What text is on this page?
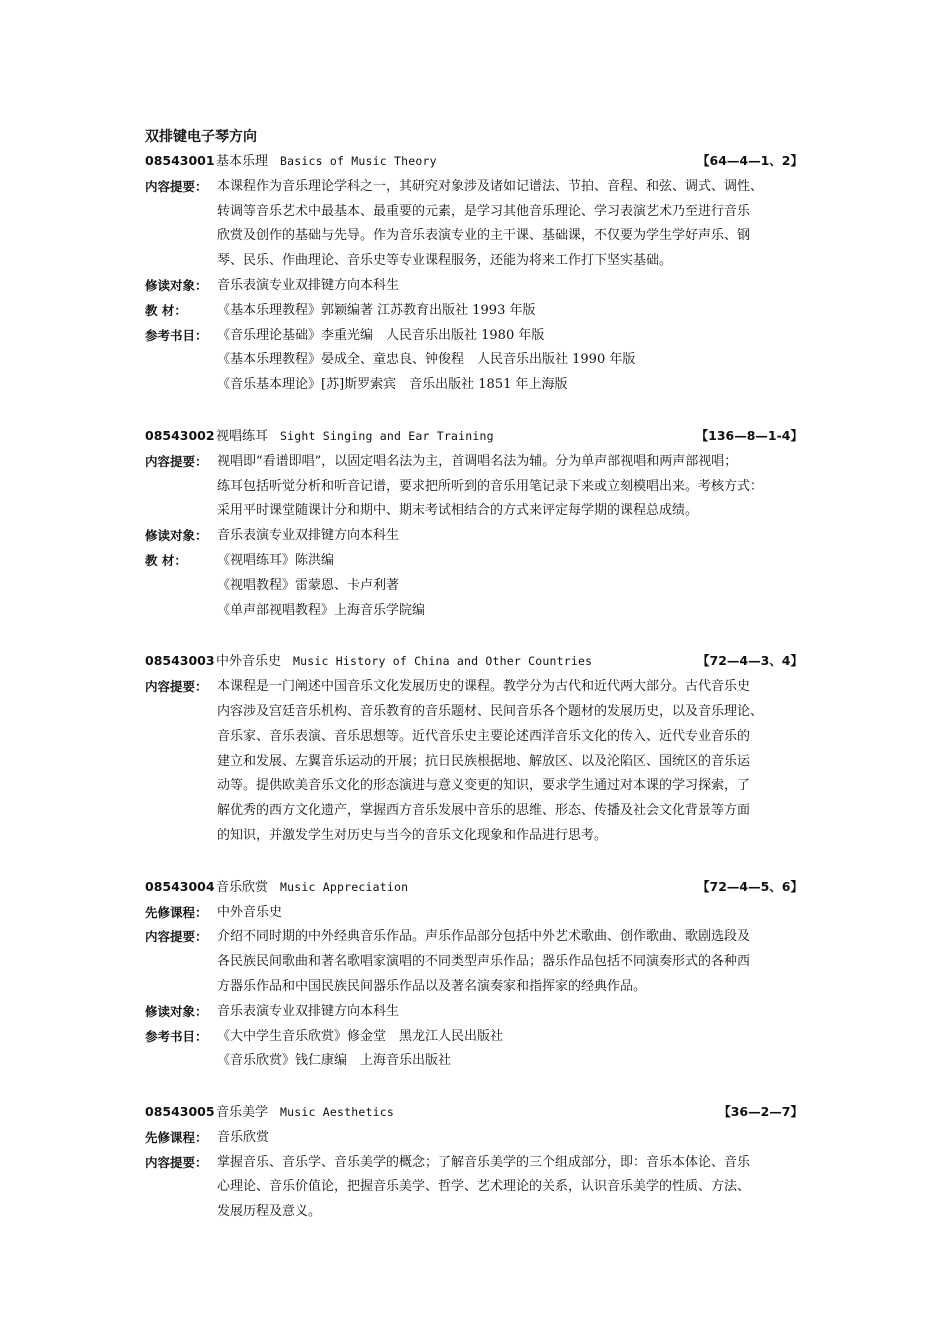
双排键电子琴方向
08543001基本乐理 Basics of Music Theory	【64—4—1、2】
内容提要： 本课程作为音乐理论学科之一，其研究对象涉及诸如记谱法、节拍、音程、和弦、调式、调性、
转调等音乐艺术中最基本、最重要的元素，是学习其他音乐理论、学习表演艺术乃至进行音乐
欣赏及创作的基础与先导。作为音乐表演专业的主干课、基础课，不仅要为学生学好声乐、钢
琴、民乐、作曲理论、音乐史等专业课程服务，还能为将来工作打下坚实基础。
修读对象： 音乐表演专业双排键方向本科生
教 材：	《基本乐理教程》郭颖编著 江苏教育出版社 1993 年版
参考书目： 《音乐理论基础》李重光编　人民音乐出版社 1980 年版
《基本乐理教程》晏成全、童忠良、钟俊程　人民音乐出版社 1990 年版
《音乐基本理论》[苏]斯罗索宾　音乐出版社 1851 年上海版
08543002视唱练耳 Sight Singing and Ear Training	【136—8—1-4】
内容提要： 视唱即“看谱即唱”，以固定唱名法为主，首调唱名法为辅。分为单声部视唱和两声部视唱；
练耳包括听觉分析和听音记谱，要求把所听到的音乐用笔记录下来或立刻模唱出来。考核方式：
采用平时课堂随课计分和期中、期末考试相结合的方式来评定每学期的课程总成绩。
修读对象： 音乐表演专业双排键方向本科生
教 材：	《视唱练耳》陈洪编
《视唱教程》雷蒙恩、卡卢利著
《单声部视唱教程》上海音乐学院编
08543003中外音乐史 Music History of China and Other Countries	【72—4—3、4】
内容提要： 本课程是一门阐述中国音乐文化发展历史的课程。教学分为古代和近代两大部分。古代音乐史
内容涉及宫廷音乐机构、音乐教育的音乐题材、民间音乐各个题材的发展历史，以及音乐理论、
音乐家、音乐表演、音乐思想等。近代音乐史主要论述西洋音乐文化的传入、近代专业音乐的
建立和发展、左翼音乐运动的开展；抗日民族根据地、解放区、以及沦陷区、国统区的音乐运
动等。提供欧美音乐文化的形态演进与意义变更的知识，要求学生通过对本课的学习探索，了
解优秀的西方文化遗产，掌握西方音乐发展中音乐的思维、形态、传播及社会文化背景等方面
的知识，并激发学生对历史与当今的音乐文化现象和作品进行思考。
08543004音乐欣赏 Music Appreciation	【72—4—5、6】
先修课程： 中外音乐史
内容提要： 介绍不同时期的中外经典音乐作品。声乐作品部分包括中外艺术歌曲、创作歌曲、歌剧选段及
各民族民间歌曲和著名歌唱家演唱的不同类型声乐作品；器乐作品包括不同演奏形式的各种西
方器乐作品和中国民族民间器乐作品以及著名演奏家和指挥家的经典作品。
修读对象： 音乐表演专业双排键方向本科生
参考书目： 《大中学生音乐欣赏》修金堂　黑龙江人民出版社
《音乐欣赏》钱仁康编　上海音乐出版社
08543005音乐美学 Music Aesthetics	【36—2—7】
先修课程： 音乐欣赏
内容提要： 掌握音乐、音乐学、音乐美学的概念；了解音乐美学的三个组成部分，即：音乐本体论、音乐
心理论、音乐价值论，把握音乐美学、哲学、艺术理论的关系，认识音乐美学的性质、方法、
发展历程及意义。
